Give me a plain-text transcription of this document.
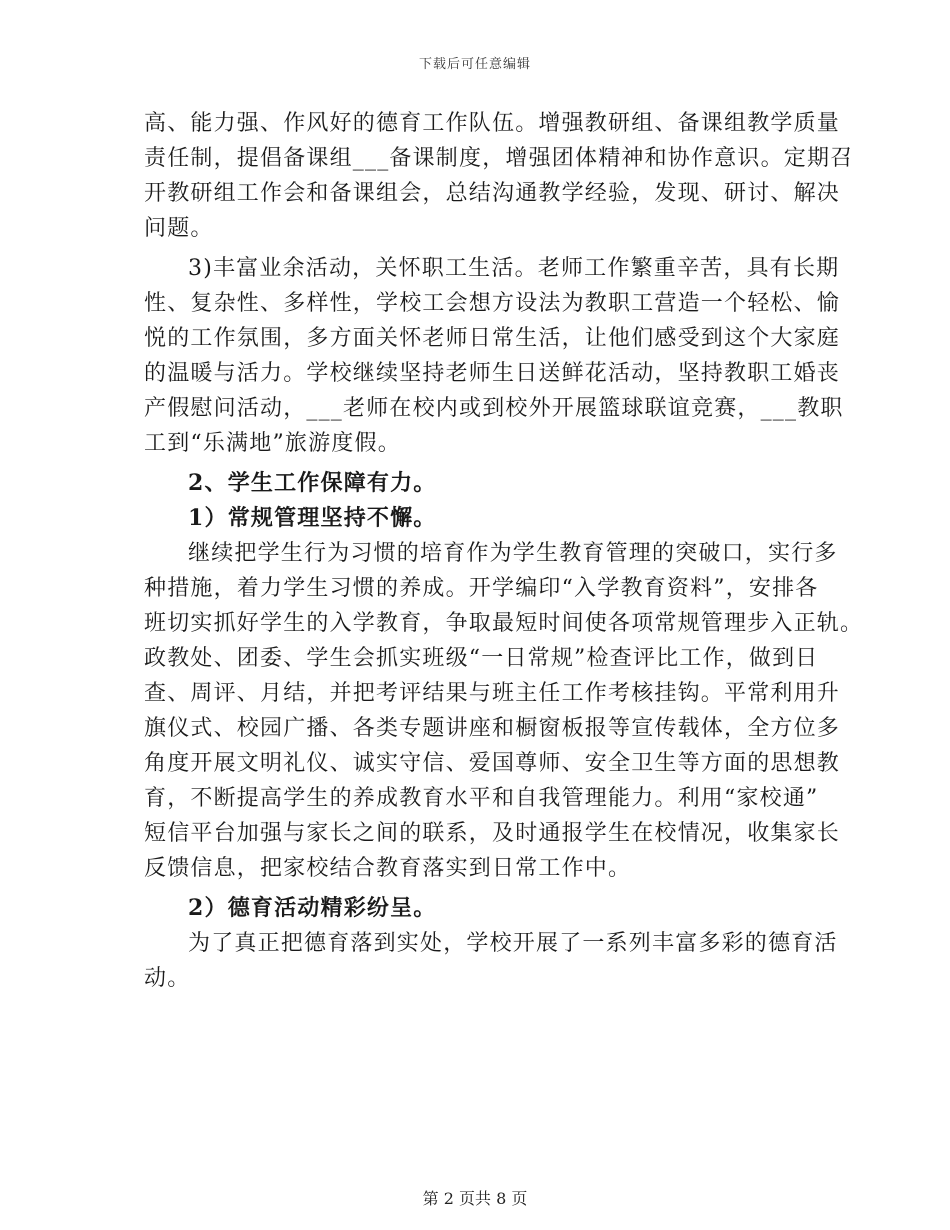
下载后可任意编辑
高、能力强、作风好的德育工作队伍。增强教研组、备课组教学质量
责任制，提倡备课组___备课制度，增强团体精神和协作意识。定期召
开教研组工作会和备课组会，总结沟通教学经验，发现、研讨、解决
问题。
3)丰富业余活动，关怀职工生活。老师工作繁重辛苦，具有长期
性、复杂性、多样性，学校工会想方设法为教职工营造一个轻松、愉
悦的工作氛围，多方面关怀老师日常生活，让他们感受到这个大家庭
的温暖与活力。学校继续坚持老师生日送鲜花活动，坚持教职工婚丧
产假慰问活动，___老师在校内或到校外开展篮球联谊竞赛，___教职
工到“乐满地”旅游度假。
2、学生工作保障有力。
1）常规管理坚持不懈。
继续把学生行为习惯的培育作为学生教育管理的突破口，实行多
种措施，着力学生习惯的养成。开学编印“入学教育资料”，安排各
班切实抓好学生的入学教育，争取最短时间使各项常规管理步入正轨。
政教处、团委、学生会抓实班级“一日常规”检查评比工作，做到日
查、周评、月结，并把考评结果与班主任工作考核挂钩。平常利用升
旗仪式、校园广播、各类专题讲座和橱窗板报等宣传载体，全方位多
角度开展文明礼仪、诚实守信、爱国尊师、安全卫生等方面的思想教
育，不断提高学生的养成教育水平和自我管理能力。利用“家校通”
短信平台加强与家长之间的联系，及时通报学生在校情况，收集家长
反馈信息，把家校结合教育落实到日常工作中。
2）德育活动精彩纷呈。
为了真正把德育落到实处，学校开展了一系列丰富多彩的德育活
动。
第 2 页共 8 页
